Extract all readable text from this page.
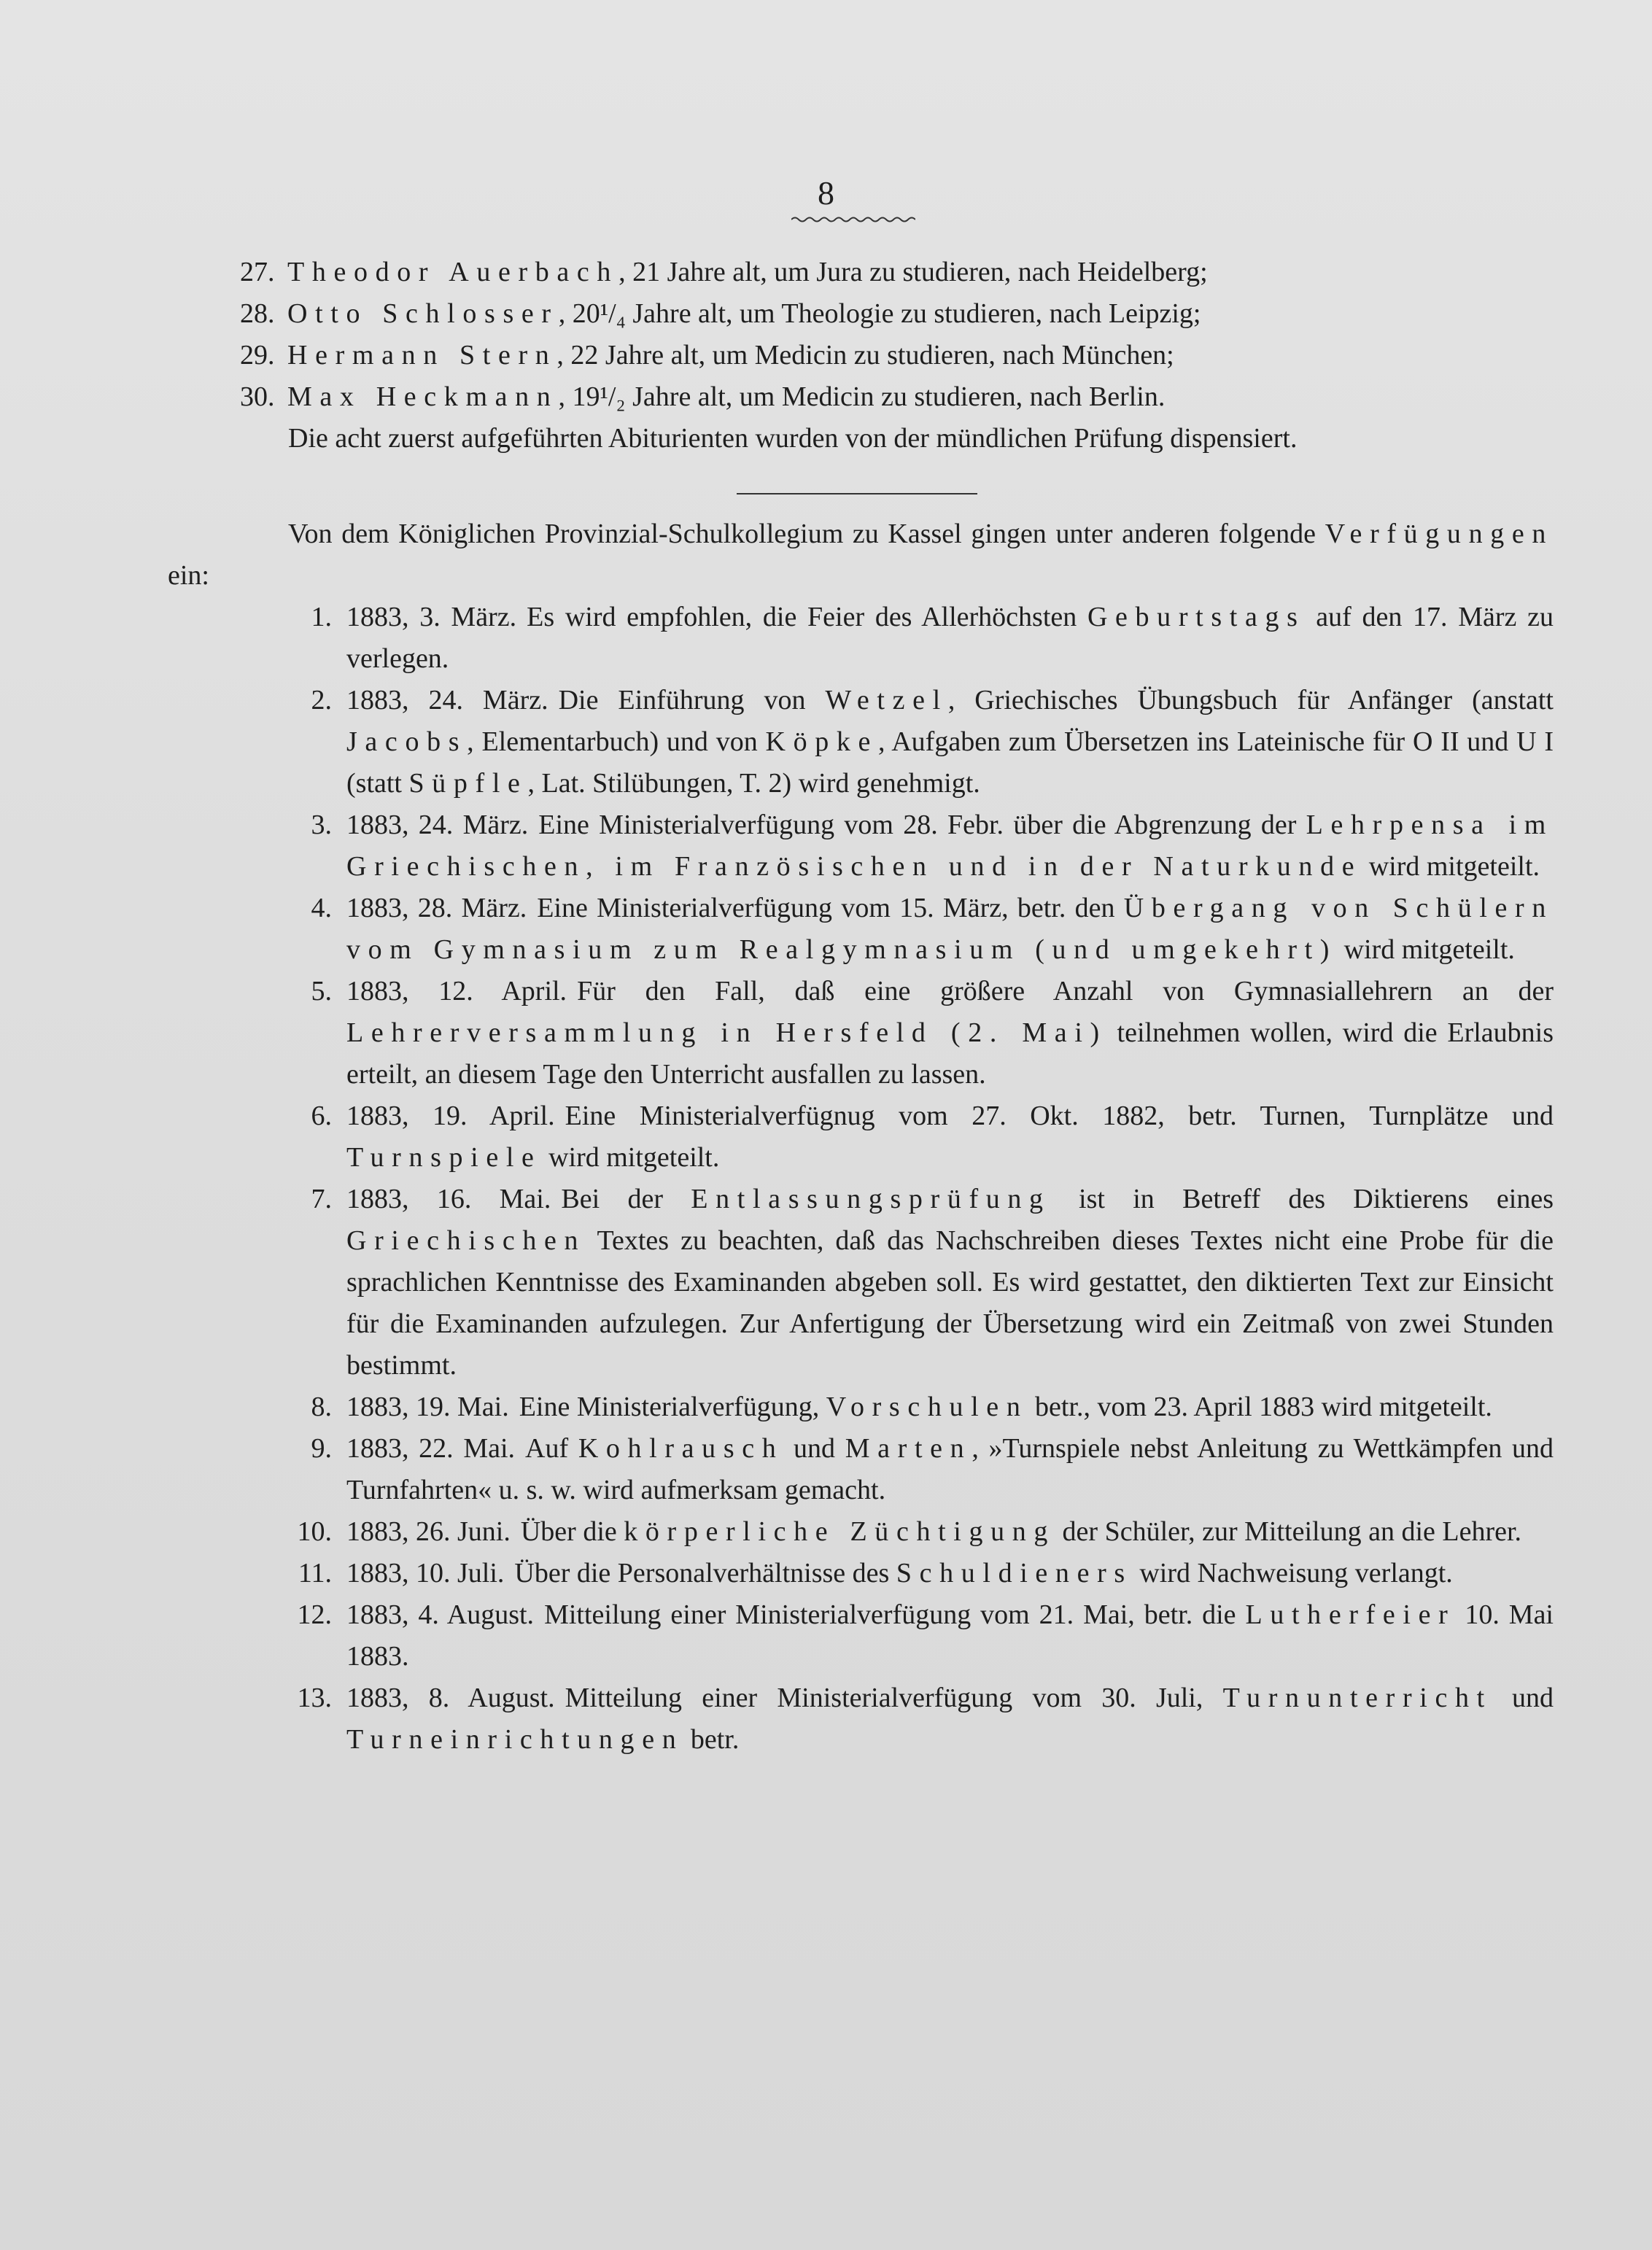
8

27. Theodor Auerbach, 21 Jahre alt, um Jura zu studieren, nach Heidelberg;

28. Otto Schlosser, 20¹/₄ Jahre alt, um Theologie zu studieren, nach Leipzig;

29. Hermann Stern, 22 Jahre alt, um Medicin zu studieren, nach München;

30. Max Heckmann, 19¹/₂ Jahre alt, um Medicin zu studieren, nach Berlin.

Die acht zuerst aufgeführten Abiturienten wurden von der mündlichen Prüfung dispensiert.

Von dem Königlichen Provinzial-Schulkollegium zu Kassel gingen unter anderen folgende Verfügungen ein:

1. 1883, 3. März. Es wird empfohlen, die Feier des Allerhöchsten Geburtstags auf den 17. März zu verlegen.

2. 1883, 24. März. Die Einführung von Wetzel, Griechisches Übungsbuch für Anfänger (anstatt Jacobs, Elementarbuch) und von Köpke, Aufgaben zum Übersetzen ins Lateinische für O II und U I (statt Süpfle, Lat. Stilübungen, T. 2) wird genehmigt.

3. 1883, 24. März. Eine Ministerialverfügung vom 28. Febr. über die Abgrenzung der Lehrpensa im Griechischen, im Französischen und in der Naturkunde wird mitgeteilt.

4. 1883, 28. März. Eine Ministerialverfügung vom 15. März, betr. den Übergang von Schülern vom Gymnasium zum Realgymnasium (und umgekehrt) wird mitgeteilt.

5. 1883, 12. April. Für den Fall, daß eine größere Anzahl von Gymnasiallehrern an der Lehrerversammlung in Hersfeld (2. Mai) teilnehmen wollen, wird die Erlaubnis erteilt, an diesem Tage den Unterricht ausfallen zu lassen.

6. 1883, 19. April. Eine Ministerialverfügnug vom 27. Okt. 1882, betr. Turnen, Turnplätze und Turnspiele wird mitgeteilt.

7. 1883, 16. Mai. Bei der Entlassungsprüfung ist in Betreff des Diktierens eines Griechischen Textes zu beachten, daß das Nachschreiben dieses Textes nicht eine Probe für die sprachlichen Kenntnisse des Examinanden abgeben soll. Es wird gestattet, den diktierten Text zur Einsicht für die Examinanden aufzulegen. Zur Anfertigung der Übersetzung wird ein Zeitmaß von zwei Stunden bestimmt.

8. 1883, 19. Mai. Eine Ministerialverfügung, Vorschulen betr., vom 23. April 1883 wird mitgeteilt.

9. 1883, 22. Mai. Auf Kohlrausch und Marten, »Turnspiele nebst Anleitung zu Wettkämpfen und Turnfahrten« u. s. w. wird aufmerksam gemacht.

10. 1883, 26. Juni. Über die körperliche Züchtigung der Schüler, zur Mitteilung an die Lehrer.

11. 1883, 10. Juli. Über die Personalverhältnisse des Schuldieners wird Nachweisung verlangt.

12. 1883, 4. August. Mitteilung einer Ministerialverfügung vom 21. Mai, betr. die Lutherfeier 10. Mai 1883.

13. 1883, 8. August. Mitteilung einer Ministerialverfügung vom 30. Juli, Turnunterricht und Turneinrichtungen betr.
